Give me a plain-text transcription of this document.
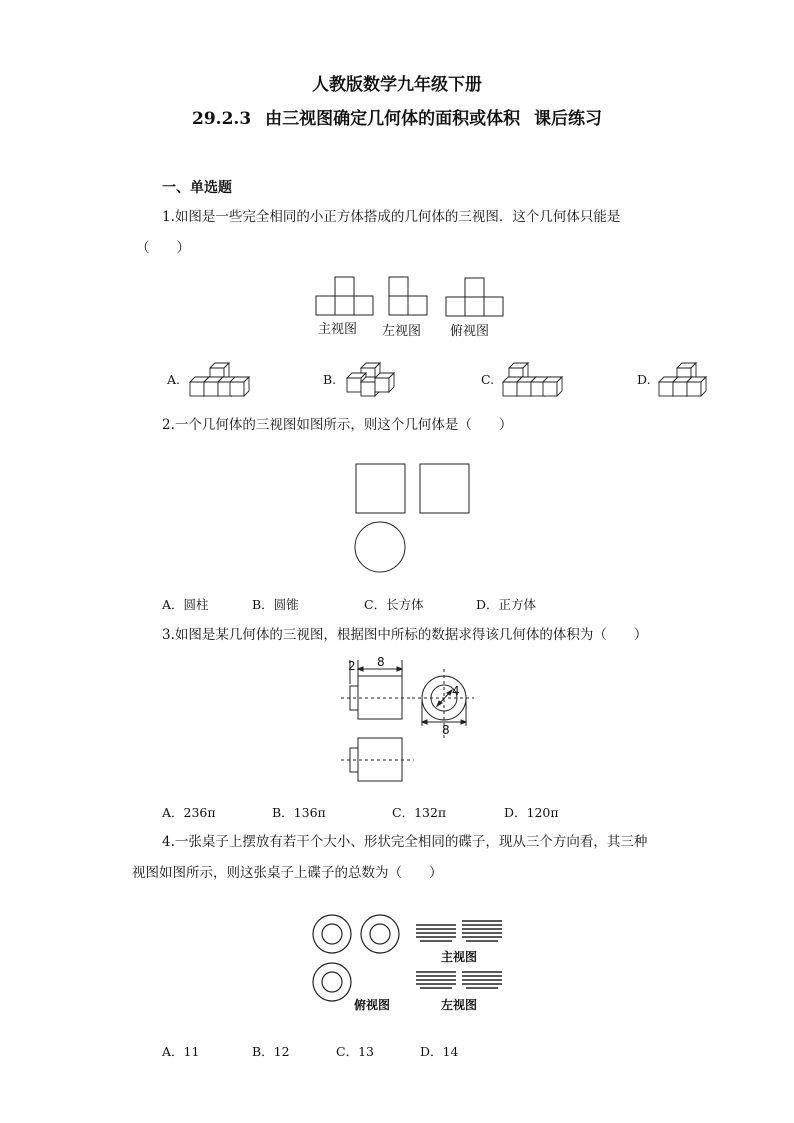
人教版数学九年级下册
29.2.3 由三视图确定几何体的面积或体积 课后练习
一、单选题
1.如图是一些完全相同的小正方体搭成的几何体的三视图．这个几何体只能是
（　　）
主视图 左视图 俯视图
A.	B.	C.	D.
2.一个几何体的三视图如图所示，则这个几何体是（　　）
A．圆柱	B．圆锥	C．长方体	D．正方体
3.如图是某几何体的三视图，根据图中所标的数据求得该几何体的体积为（　　）
2 8
4
8
A．236π	B．136π	C．132π	D．120π
4.一张桌子上摆放有若干个大小、形状完全相同的碟子，现从三个方向看，其三种
视图如图所示，则这张桌子上碟子的总数为（　　）
主视图
俯视图	左视图
A．11	B．12	C．13	D．14
